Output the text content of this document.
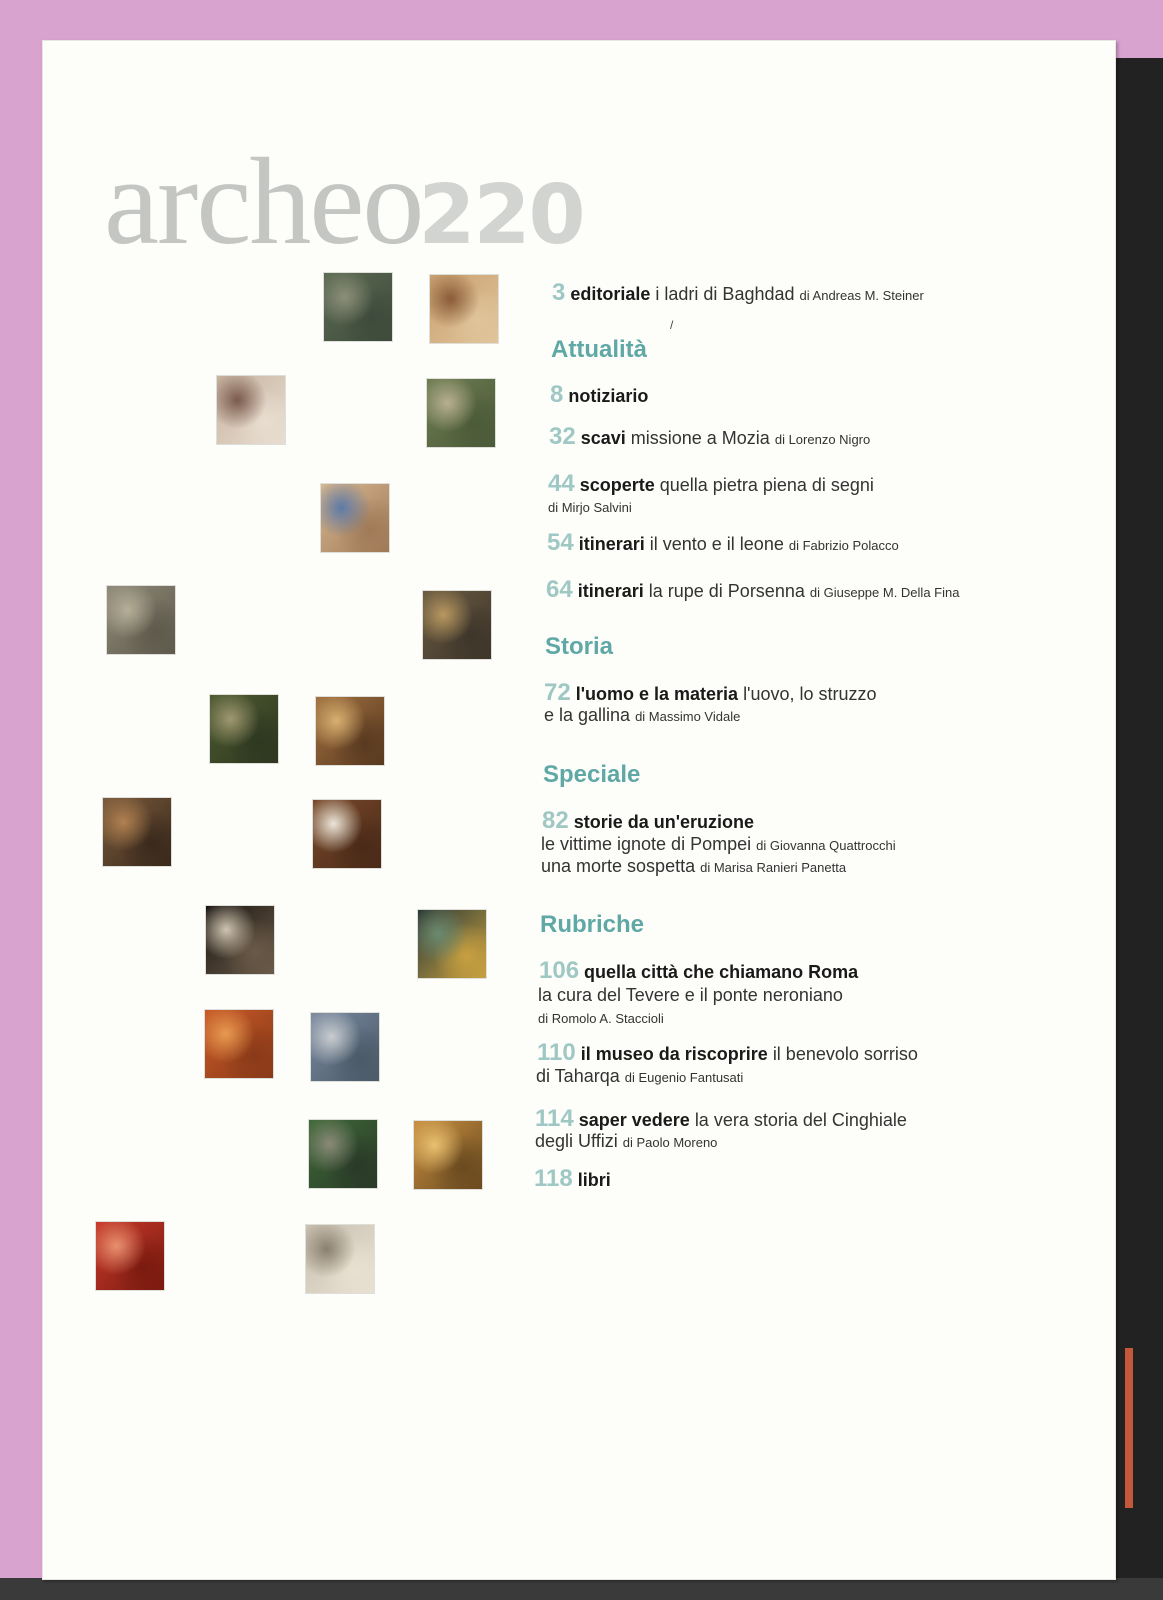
archeo220
/
3 editoriale i ladri di Baghdad di Andreas M. Steiner
Attualità
8 notiziario
32 scavi missione a Mozia di Lorenzo Nigro
44 scoperte quella pietra piena di segni
di Mirjo Salvini
54 itinerari il vento e il leone di Fabrizio Polacco
64 itinerari la rupe di Porsenna di Giuseppe M. Della Fina
Storia
72 l'uomo e la materia l'uovo, lo struzzo
e la gallina di Massimo Vidale
Speciale
82 storie da un'eruzione
le vittime ignote di Pompei di Giovanna Quattrocchi
una morte sospetta di Marisa Ranieri Panetta
Rubriche
106 quella città che chiamano Roma
la cura del Tevere e il ponte neroniano
di Romolo A. Staccioli
110 il museo da riscoprire il benevolo sorriso
di Taharqa di Eugenio Fantusati
114 saper vedere la vera storia del Cinghiale
degli Uffizi di Paolo Moreno
118 libri
